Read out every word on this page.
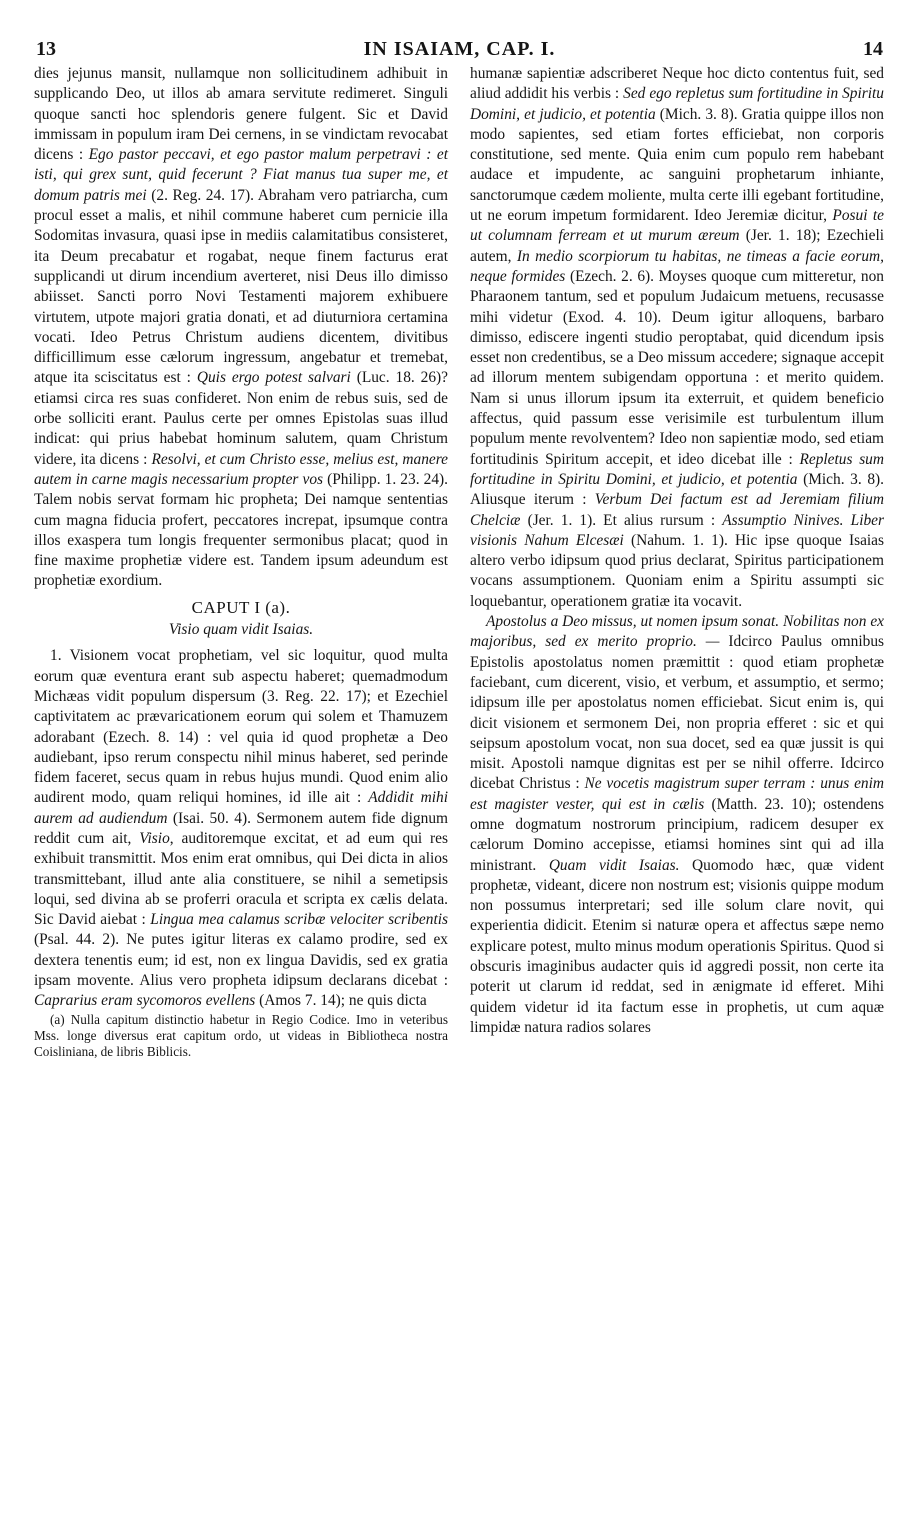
13	IN ISAIAM, CAP. I.	14

dies jejunus mansit, nullamque non sollicitudinem adhibuit in supplicando Deo, ut illos ab amara servitute redimeret. Singuli quoque sancti hoc splendoris genere fulgent. Sic et David immissam in populum iram Dei cernens, in se vindictam revocabat dicens : Ego pastor peccavi, et ego pastor malum perpetravi : et isti, qui grex sunt, quid fecerunt ? Fiat manus tua super me, et domum patris mei (2. Reg. 24. 17). Abraham vero patriarcha, cum procul esset a malis, et nihil commune haberet cum pernicie illa Sodomitas invasura, quasi ipse in mediis calamitatibus consisteret, ita Deum precabatur et rogabat, neque finem facturus erat supplicandi ut dirum incendium averteret, nisi Deus illo dimisso abiisset. Sancti porro Novi Testamenti majorem exhibuere virtutem, utpote majori gratia donati, et ad diuturniora certamina vocati. Ideo Petrus Christum audiens dicentem, divitibus difficillimum esse cælorum ingressum, angebatur et tremebat, atque ita sciscitatus est : Quis ergo potest salvari (Luc. 18. 26)? etiamsi circa res suas confideret. Non enim de rebus suis, sed de orbe solliciti erant. Paulus certe per omnes Epistolas suas illud indicat: qui prius habebat hominum salutem, quam Christum videre, ita dicens : Resolvi, et cum Christo esse, melius est, manere autem in carne magis necessarium propter vos (Philipp. 1. 23. 24). Talem nobis servat formam hic propheta; Dei namque sententias cum magna fiducia profert, peccatores increpat, ipsumque contra illos exaspera tum longis frequenter sermonibus placat; quod in fine maxime prophetiæ videre est. Tandem ipsum adeundum est prophetiæ exordium.

CAPUT I (a).
Visio quam vidit Isaias.

1. Visionem vocat prophetiam, vel sic loquitur, quod multa eorum quæ eventura erant sub aspectu haberet; quemadmodum Michæas vidit populum dispersum (3. Reg. 22. 17); et Ezechiel captivitatem ac prævaricationem eorum qui solem et Thamuzem adorabant (Ezech. 8. 14) : vel quia id quod prophetæ a Deo audiebant, ipso rerum conspectu nihil minus haberet, sed perinde fidem faceret, secus quam in rebus hujus mundi. Quod enim alio audirent modo, quam reliqui homines, id ille ait : Addidit mihi aurem ad audiendum (Isai. 50. 4). Sermonem autem fide dignum reddit cum ait, Visio, auditoremque excitat, et ad eum qui res exhibuit transmittit. Mos enim erat omnibus, qui Dei dicta in alios transmittebant, illud ante alia constituere, se nihil a semetipsis loqui, sed divina ab se proferri oracula et scripta ex cælis delata. Sic David aiebat : Lingua mea calamus scribæ velociter scribentis (Psal. 44. 2). Ne putes igitur literas ex calamo prodire, sed ex dextera tenentis eum; id est, non ex lingua Davidis, sed ex gratia ipsam movente. Alius vero propheta idipsum declarans dicebat : Caprarius eram sycomoros evellens (Amos 7. 14); ne quis dicta

(a) Nulla capitum distinctio habetur in Regio Codice. Imo in veteribus Mss. longe diversus erat capitum ordo, ut videas in Bibliotheca nostra Coisliniana, de libris Biblicis.

humanæ sapientiæ adscriberet Neque hoc dicto contentus fuit, sed aliud addidit his verbis : Sed ego repletus sum fortitudine in Spiritu Domini, et judicio, et potentia (Mich. 3. 8). Gratia quippe illos non modo sapientes, sed etiam fortes efficiebat, non corporis constitutione, sed mente. Quia enim cum populo rem habebant audace et impudente, ac sanguini prophetarum inhiante, sanctorumque cædem moliente, multa certe illi egebant fortitudine, ut ne eorum impetum formidarent. Ideo Jeremiæ dicitur, Posui te ut columnam ferream et ut murum æreum (Jer. 1. 18); Ezechieli autem, In medio scorpiorum tu habitas, ne timeas a facie eorum, neque formides (Ezech. 2. 6). Moyses quoque cum mitteretur, non Pharaonem tantum, sed et populum Judaicum metuens, recusasse mihi videtur (Exod. 4. 10). Deum igitur alloquens, barbaro dimisso, ediscere ingenti studio peroptabat, quid dicendum ipsis esset non credentibus, se a Deo missum accedere; signaque accepit ad illorum mentem subigendam opportuna : et merito quidem. Nam si unus illorum ipsum ita exterruit, et quidem beneficio affectus, quid passum esse verisimile est turbulentum illum populum mente revolventem? Ideo non sapientiæ modo, sed etiam fortitudinis Spiritum accepit, et ideo dicebat ille : Repletus sum fortitudine in Spiritu Domini, et judicio, et potentia (Mich. 3. 8). Aliusque iterum : Verbum Dei factum est ad Jeremiam filium Chelciæ (Jer. 1. 1). Et alius rursum : Assumptio Ninives. Liber visionis Nahum Elcesæi (Nahum. 1. 1). Hic ipse quoque Isaias altero verbo idipsum quod prius declarat, Spiritus participationem vocans assumptionem. Quoniam enim a Spiritu assumpti sic loquebantur, operationem gratiæ ita vocavit.

Apostolus a Deo missus, ut nomen ipsum sonat. Nobilitas non ex majoribus, sed ex merito proprio. — Idcirco Paulus omnibus Epistolis apostolatus nomen præmittit : quod etiam prophetæ faciebant, cum dicerent, visio, et verbum, et assumptio, et sermo; idipsum ille per apostolatus nomen efficiebat. Sicut enim is, qui dicit visionem et sermonem Dei, non propria efferet : sic et qui seipsum apostolum vocat, non sua docet, sed ea quæ jussit is qui misit. Apostoli namque dignitas est per se nihil offerre. Idcirco dicebat Christus : Ne vocetis magistrum super terram : unus enim est magister vester, qui est in cælis (Matth. 23. 10); ostendens omne dogmatum nostrorum principium, radicem desuper ex cælorum Domino accepisse, etiamsi homines sint qui ad illa ministrant. Quam vidit Isaias. Quomodo hæc, quæ vident prophetæ, videant, dicere non nostrum est; visionis quippe modum non possumus interpretari; sed ille solum clare novit, qui experientia didicit. Etenim si naturæ opera et affectus sæpe nemo explicare potest, multo minus modum operationis Spiritus. Quod si obscuris imaginibus audacter quis id aggredi possit, non certe ita poterit ut clarum id reddat, sed in ænigmate id efferet. Mihi quidem videtur id ita factum esse in prophetis, ut cum aquæ limpidæ natura radios solares
